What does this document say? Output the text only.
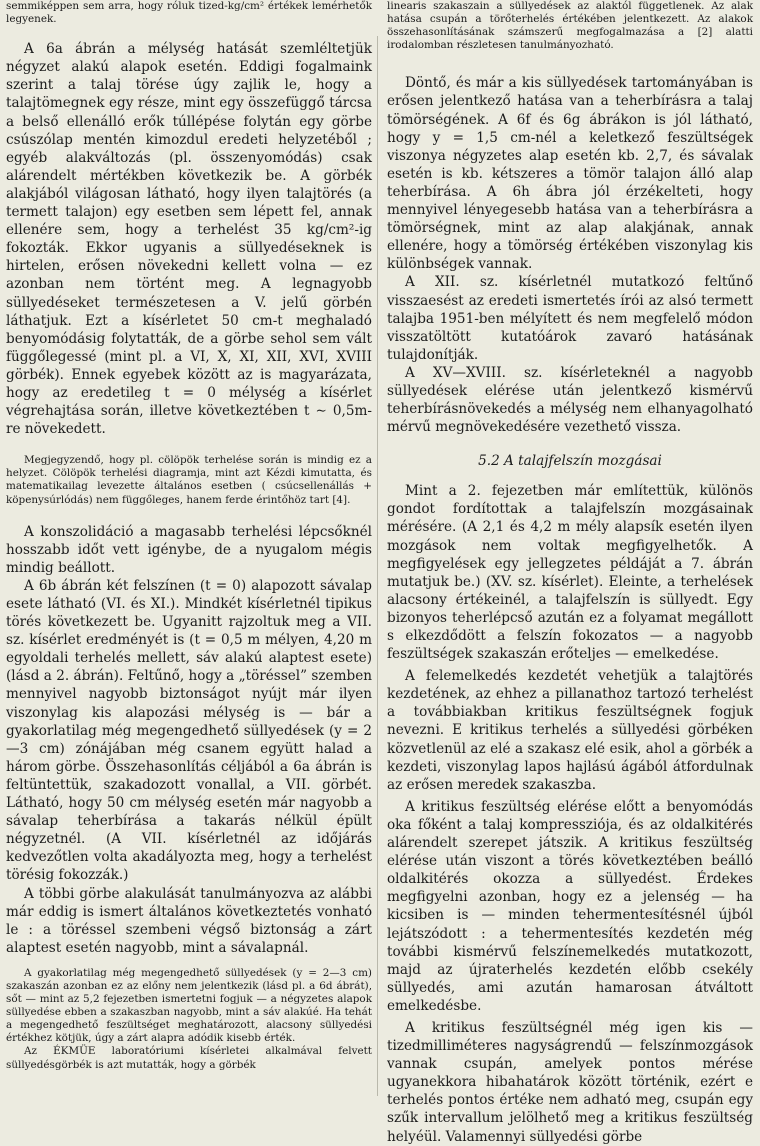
semmiképpen sem arra, hogy róluk tized-kg/cm² értékek lemérhetők legyenek.

A 6a ábrán a mélység hatását szemléltetjük négyzet alakú alapok esetén. Eddigi fogalmaink szerint a talaj törése úgy zajlik le, hogy a talajtömegnek egy része, mint egy összefüggő tárcsa a belső ellenálló erők túllépése folytán egy görbe csúszólap mentén kimozdul eredeti helyzetéből ; egyéb alakváltozás (pl. összenyomódás) csak alárendelt mértékben következik be. A görbék alakjából világosan látható, hogy ilyen talajtörés (a termett talajon) egy esetben sem lépett fel, annak ellenére sem, hogy a terhelést 35 kg/cm²-ig fokozták. Ekkor ugyanis a süllyedéseknek is hirtelen, erősen növekedni kellett volna — ez azonban nem történt meg. A legnagyobb süllyedéseket természetesen a V. jelű görbén láthatjuk. Ezt a kísérletet 50 cm-t meghaladó benyomódásig folytatták, de a görbe sehol sem vált függőlegessé (mint pl. a VI, X, XI, XII, XVI, XVIII görbék). Ennek egyebek között az is magyarázata, hogy az eredetileg t = 0 mélység a kísérlet végrehajtása során, illetve következtében t ∼ 0,5m-re növekedett.

Megjegyzendő, hogy pl. cölöpök terhelése során is mindig ez a helyzet. Cölöpök terhelési diagramja, mint azt Kézdi kimutatta, és matematikailag levezette általános esetben ( csúcsellenállás + köpenysúrlódás) nem függőleges, hanem ferde érintőhöz tart [4].

A konszolidáció a magasabb terhelési lépcsőknél hosszabb időt vett igénybe, de a nyugalom mégis mindig beállott.

A 6b ábrán két felszínen (t = 0) alapozott sávalap esete látható (VI. és XI.). Mindkét kísérletnél tipikus törés következett be. Ugyanitt rajzoltuk meg a VII. sz. kísérlet eredményét is (t = 0,5 m mélyen, 4,20 m egyoldali terhelés mellett, sáv alakú alaptest esete) (lásd a 2. ábrán). Feltűnő, hogy a „töréssel” szemben mennyivel nagyobb biztonságot nyújt már ilyen viszonylag kis alapozási mélység is — bár a gyakorlatilag még megengedhető süllyedések (y = 2—3 cm) zónájában még csanem együtt halad a három görbe. Összehasonlítás céljából a 6a ábrán is feltüntettük, szakadozott vonallal, a VII. görbét. Látható, hogy 50 cm mélység esetén már nagyobb a sávalap teherbírása a takarás nélkül épült négyzetnél. (A VII. kísérletnél az időjárás kedvezőtlen volta akadályozta meg, hogy a terhelést törésig fokozzák.)

A többi görbe alakulását tanulmányozva az alábbi már eddig is ismert általános következtetés vonható le : a töréssel szembeni végső biztonság a zárt alaptest esetén nagyobb, mint a sávalapnál.

A gyakorlatilag még megengedhető süllyedések (y = 2—3 cm) szakaszán azonban ez az előny nem jelentkezik (lásd pl. a 6d ábrát), sőt — mint az 5,2 fejezetben ismertetni fogjuk — a négyzetes alapok süllyedése ebben a szakaszban nagyobb, mint a sáv alakúé. Ha tehát a megengedhető feszültséget meghatározott, alacsony süllyedési értékhez kötjük, úgy a zárt alapra adódik kisebb érték.

Az ÉKMÜE laboratóriumi kísérletei alkalmával felvett süllyedésgörbék is azt mutatták, hogy a görbék

linearis szakaszain a süllyedések az alaktól függetlenek. Az alak hatása csupán a törőterhelés értékében jelentkezett. Az alakok összehasonlításának számszerű megfogalmazása a [2] alatti irodalomban részletesen tanulmányozható.

Döntő, és már a kis süllyedések tartományában is erősen jelentkező hatása van a teherbírásra a talaj tömörségének. A 6f és 6g ábrákon is jól látható, hogy y = 1,5 cm-nél a keletkező feszültségek viszonya négyzetes alap esetén kb. 2,7, és sávalak esetén is kb. kétszeres a tömör talajon álló alap teherbírása. A 6h ábra jól érzékelteti, hogy mennyivel lényegesebb hatása van a teherbírásra a tömörségnek, mint az alap alakjának, annak ellenére, hogy a tömörség értékében viszonylag kis különbségek vannak.

A XII. sz. kísérletnél mutatkozó feltűnő visszaesést az eredeti ismertetés írói az alsó termett talajba 1951-ben mélyített és nem megfelelő módon visszatöltött kutatóárok zavaró hatásának tulajdonítják.

A XV—XVIII. sz. kísérleteknél a nagyobb süllyedések elérése után jelentkező kismérvű teherbírásnövekedés a mélység nem elhanyagolható mérvű megnövekedésére vezethető vissza.

5.2 A talajfelszín mozgásai

Mint a 2. fejezetben már említettük, különös gondot fordítottak a talajfelszín mozgásainak mérésére. (A 2,1 és 4,2 m mély alapsík esetén ilyen mozgások nem voltak megfigyelhetők. A megfigyelések egy jellegzetes példáját a 7. ábrán mutatjuk be.) (XV. sz. kísérlet). Eleinte, a terhelések alacsony értékeinél, a talajfelszín is süllyedt. Egy bizonyos teherlépcső azután ez a folyamat megállott s elkezdődött a felszín fokozatos — a nagyobb feszültségek szakaszán erőteljes — emelkedése.

A felemelkedés kezdetét vehetjük a talajtörés kezdetének, az ehhez a pillanathoz tartozó terhelést a továbbiakban kritikus feszültségnek fogjuk nevezni. E kritikus terhelés a süllyedési görbéken közvetlenül az elé a szakasz elé esik, ahol a görbék a kezdeti, viszonylag lapos hajlású ágából átfordulnak az erősen meredek szakaszba.

A kritikus feszültség elérése előtt a benyomódás oka főként a talaj kompressziója, és az oldalkitérés alárendelt szerepet játszik. A kritikus feszültség elérése után viszont a törés következtében beálló oldalkitérés okozza a süllyedést. Érdekes megfigyelni azonban, hogy ez a jelenség — ha kicsiben is — minden tehermentesítésnél újból lejátszódott : a tehermentesítés kezdetén még további kismérvű felszínemelkedés mutatkozott, majd az újraterhelés kezdetén előbb csekély süllyedés, ami azután hamarosan átváltott emelkedésbe.

A kritikus feszültségnél még igen kis — tizedmilliméteres nagyságrendű — felszínmozgások vannak csupán, amelyek pontos mérése ugyanekkora hibahatárok között történik, ezért e terhelés pontos értéke nem adható meg, csupán egy szűk intervallum jelölhető meg a kritikus feszültség helyéül. Valamennyi süllyedési görbe
